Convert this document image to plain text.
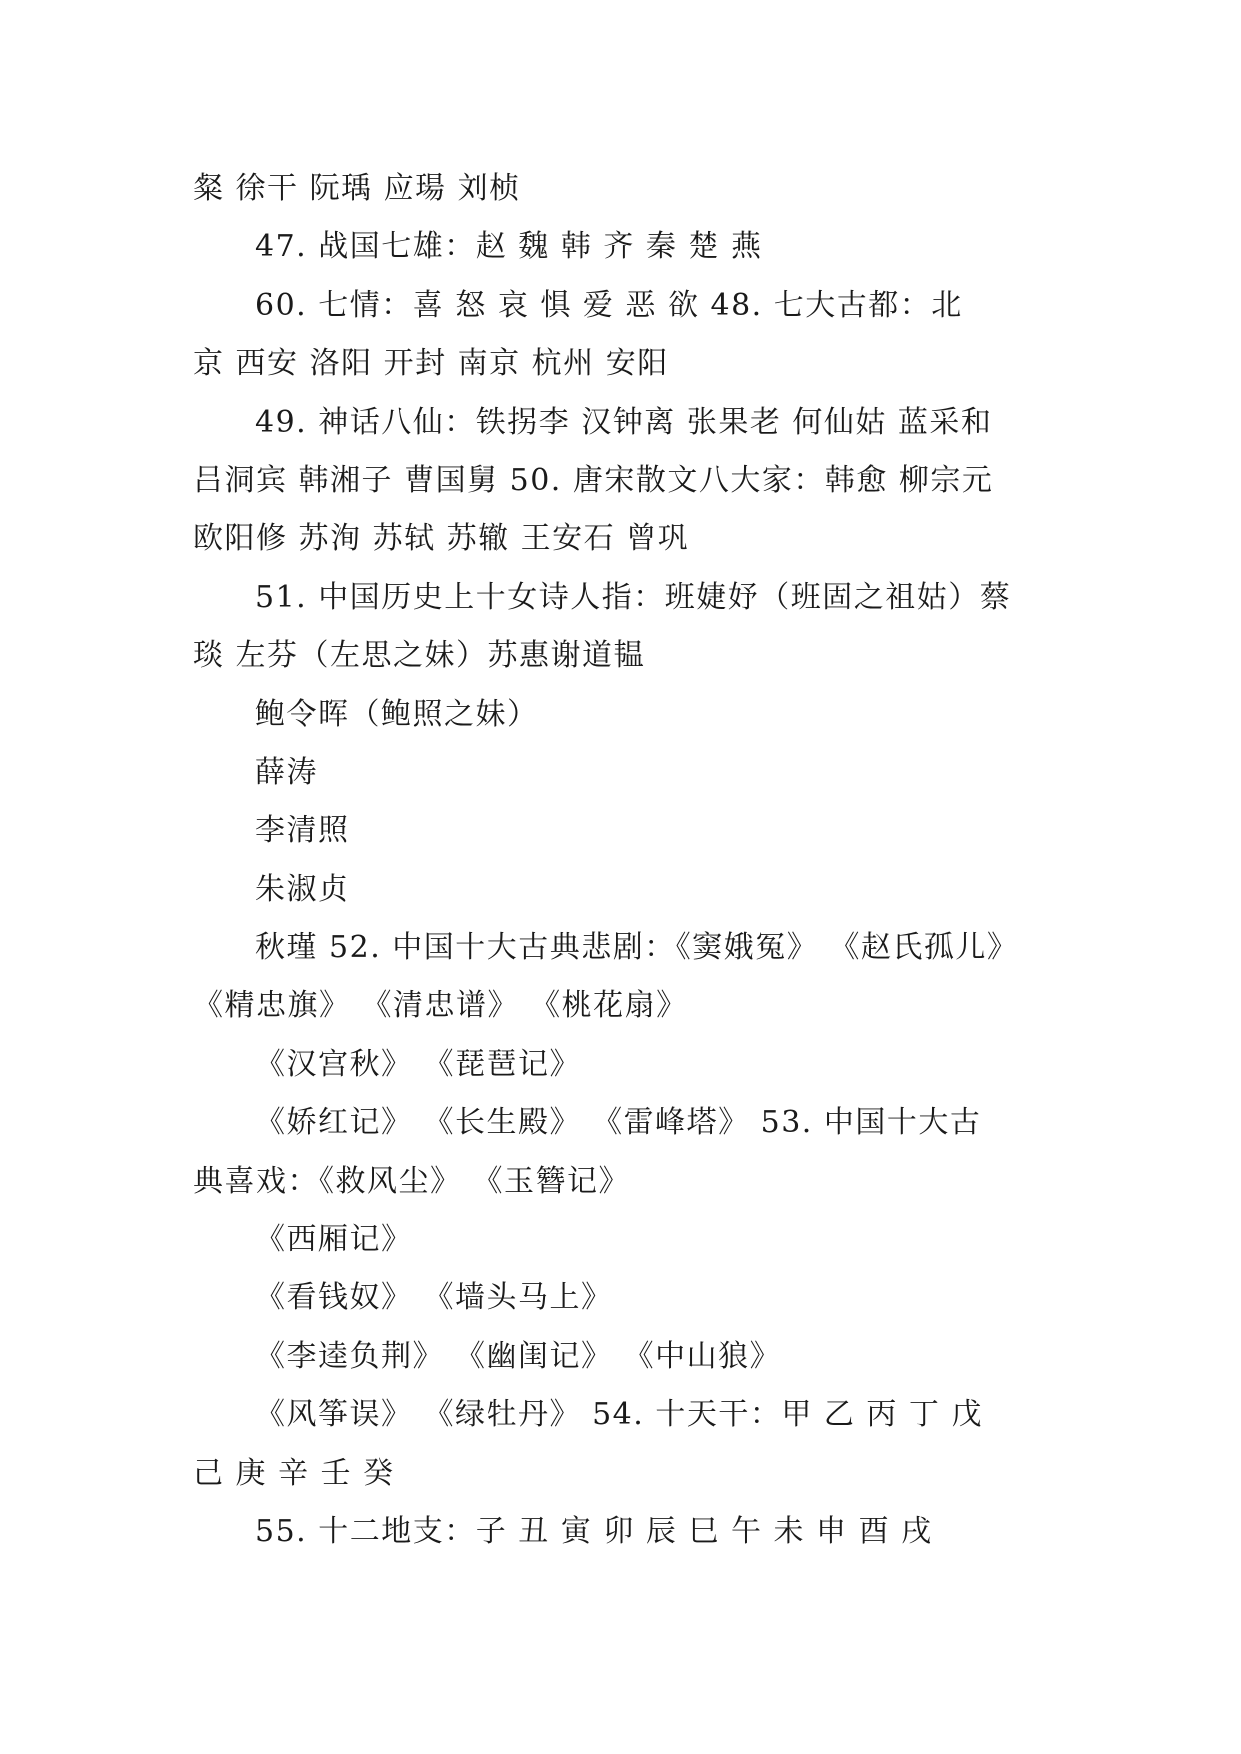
粲 徐干 阮瑀 应瑒 刘桢
47. 战国七雄：赵 魏 韩 齐 秦 楚 燕
60. 七情：喜 怒 哀 惧 爱 恶 欲 48. 七大古都：北
京 西安 洛阳 开封 南京 杭州 安阳
49. 神话八仙：铁拐李 汉钟离 张果老 何仙姑 蓝采和
吕洞宾 韩湘子 曹国舅 50. 唐宋散文八大家：韩愈 柳宗元
欧阳修 苏洵 苏轼 苏辙 王安石 曾巩
51. 中国历史上十女诗人指：班婕妤（班固之祖姑）蔡
琰 左芬（左思之妹）苏惠谢道韫
鲍令晖（鲍照之妹）
薛涛
李清照
朱淑贞
秋瑾 52. 中国十大古典悲剧：《窦娥冤》 《赵氏孤儿》
《精忠旗》 《清忠谱》 《桃花扇》
《汉宫秋》 《琵琶记》
《娇红记》 《长生殿》 《雷峰塔》 53. 中国十大古
典喜戏：《救风尘》 《玉簪记》
《西厢记》
《看钱奴》 《墙头马上》
《李逵负荆》 《幽闺记》 《中山狼》
《风筝误》 《绿牡丹》 54. 十天干：甲 乙 丙 丁 戊
己 庚 辛 壬 癸
55. 十二地支：子 丑 寅 卯 辰 巳 午 未 申 酉 戌
